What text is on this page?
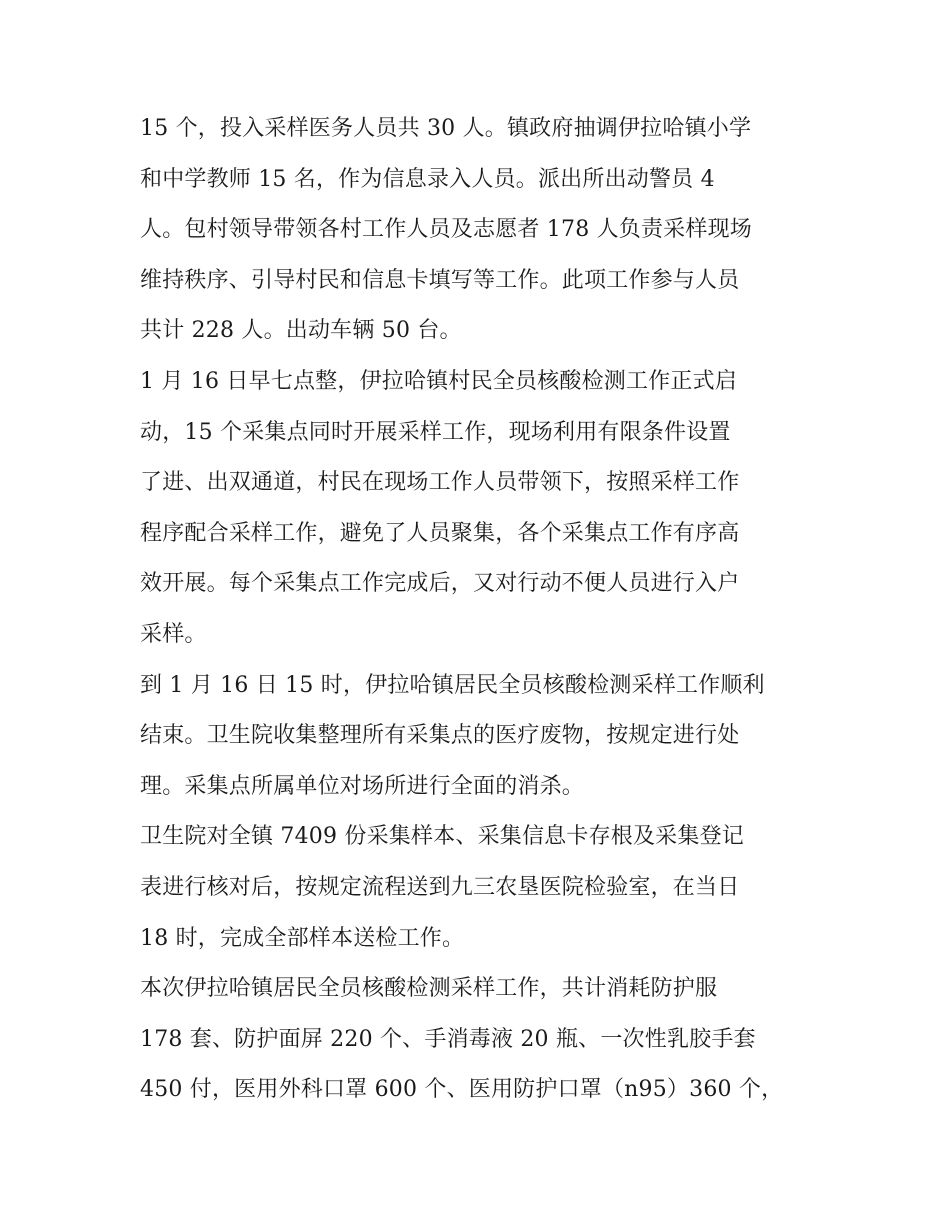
15 个，投入采样医务人员共 30 人。镇政府抽调伊拉哈镇小学
和中学教师 15 名，作为信息录入人员。派出所出动警员 4
人。包村领导带领各村工作人员及志愿者 178 人负责采样现场
维持秩序、引导村民和信息卡填写等工作。此项工作参与人员
共计 228 人。出动车辆 50 台。
1 月 16 日早七点整，伊拉哈镇村民全员核酸检测工作正式启
动，15 个采集点同时开展采样工作，现场利用有限条件设置
了进、出双通道，村民在现场工作人员带领下，按照采样工作
程序配合采样工作，避免了人员聚集，各个采集点工作有序高
效开展。每个采集点工作完成后，又对行动不便人员进行入户
采样。
到 1 月 16 日 15 时，伊拉哈镇居民全员核酸检测采样工作顺利
结束。卫生院收集整理所有采集点的医疗废物，按规定进行处
理。采集点所属单位对场所进行全面的消杀。
卫生院对全镇 7409 份采集样本、采集信息卡存根及采集登记
表进行核对后，按规定流程送到九三农垦医院检验室，在当日
18 时，完成全部样本送检工作。
本次伊拉哈镇居民全员核酸检测采样工作，共计消耗防护服
178 套、防护面屏 220 个、手消毒液 20 瓶、一次性乳胶手套
450 付，医用外科口罩 600 个、医用防护口罩（n95）360 个，
